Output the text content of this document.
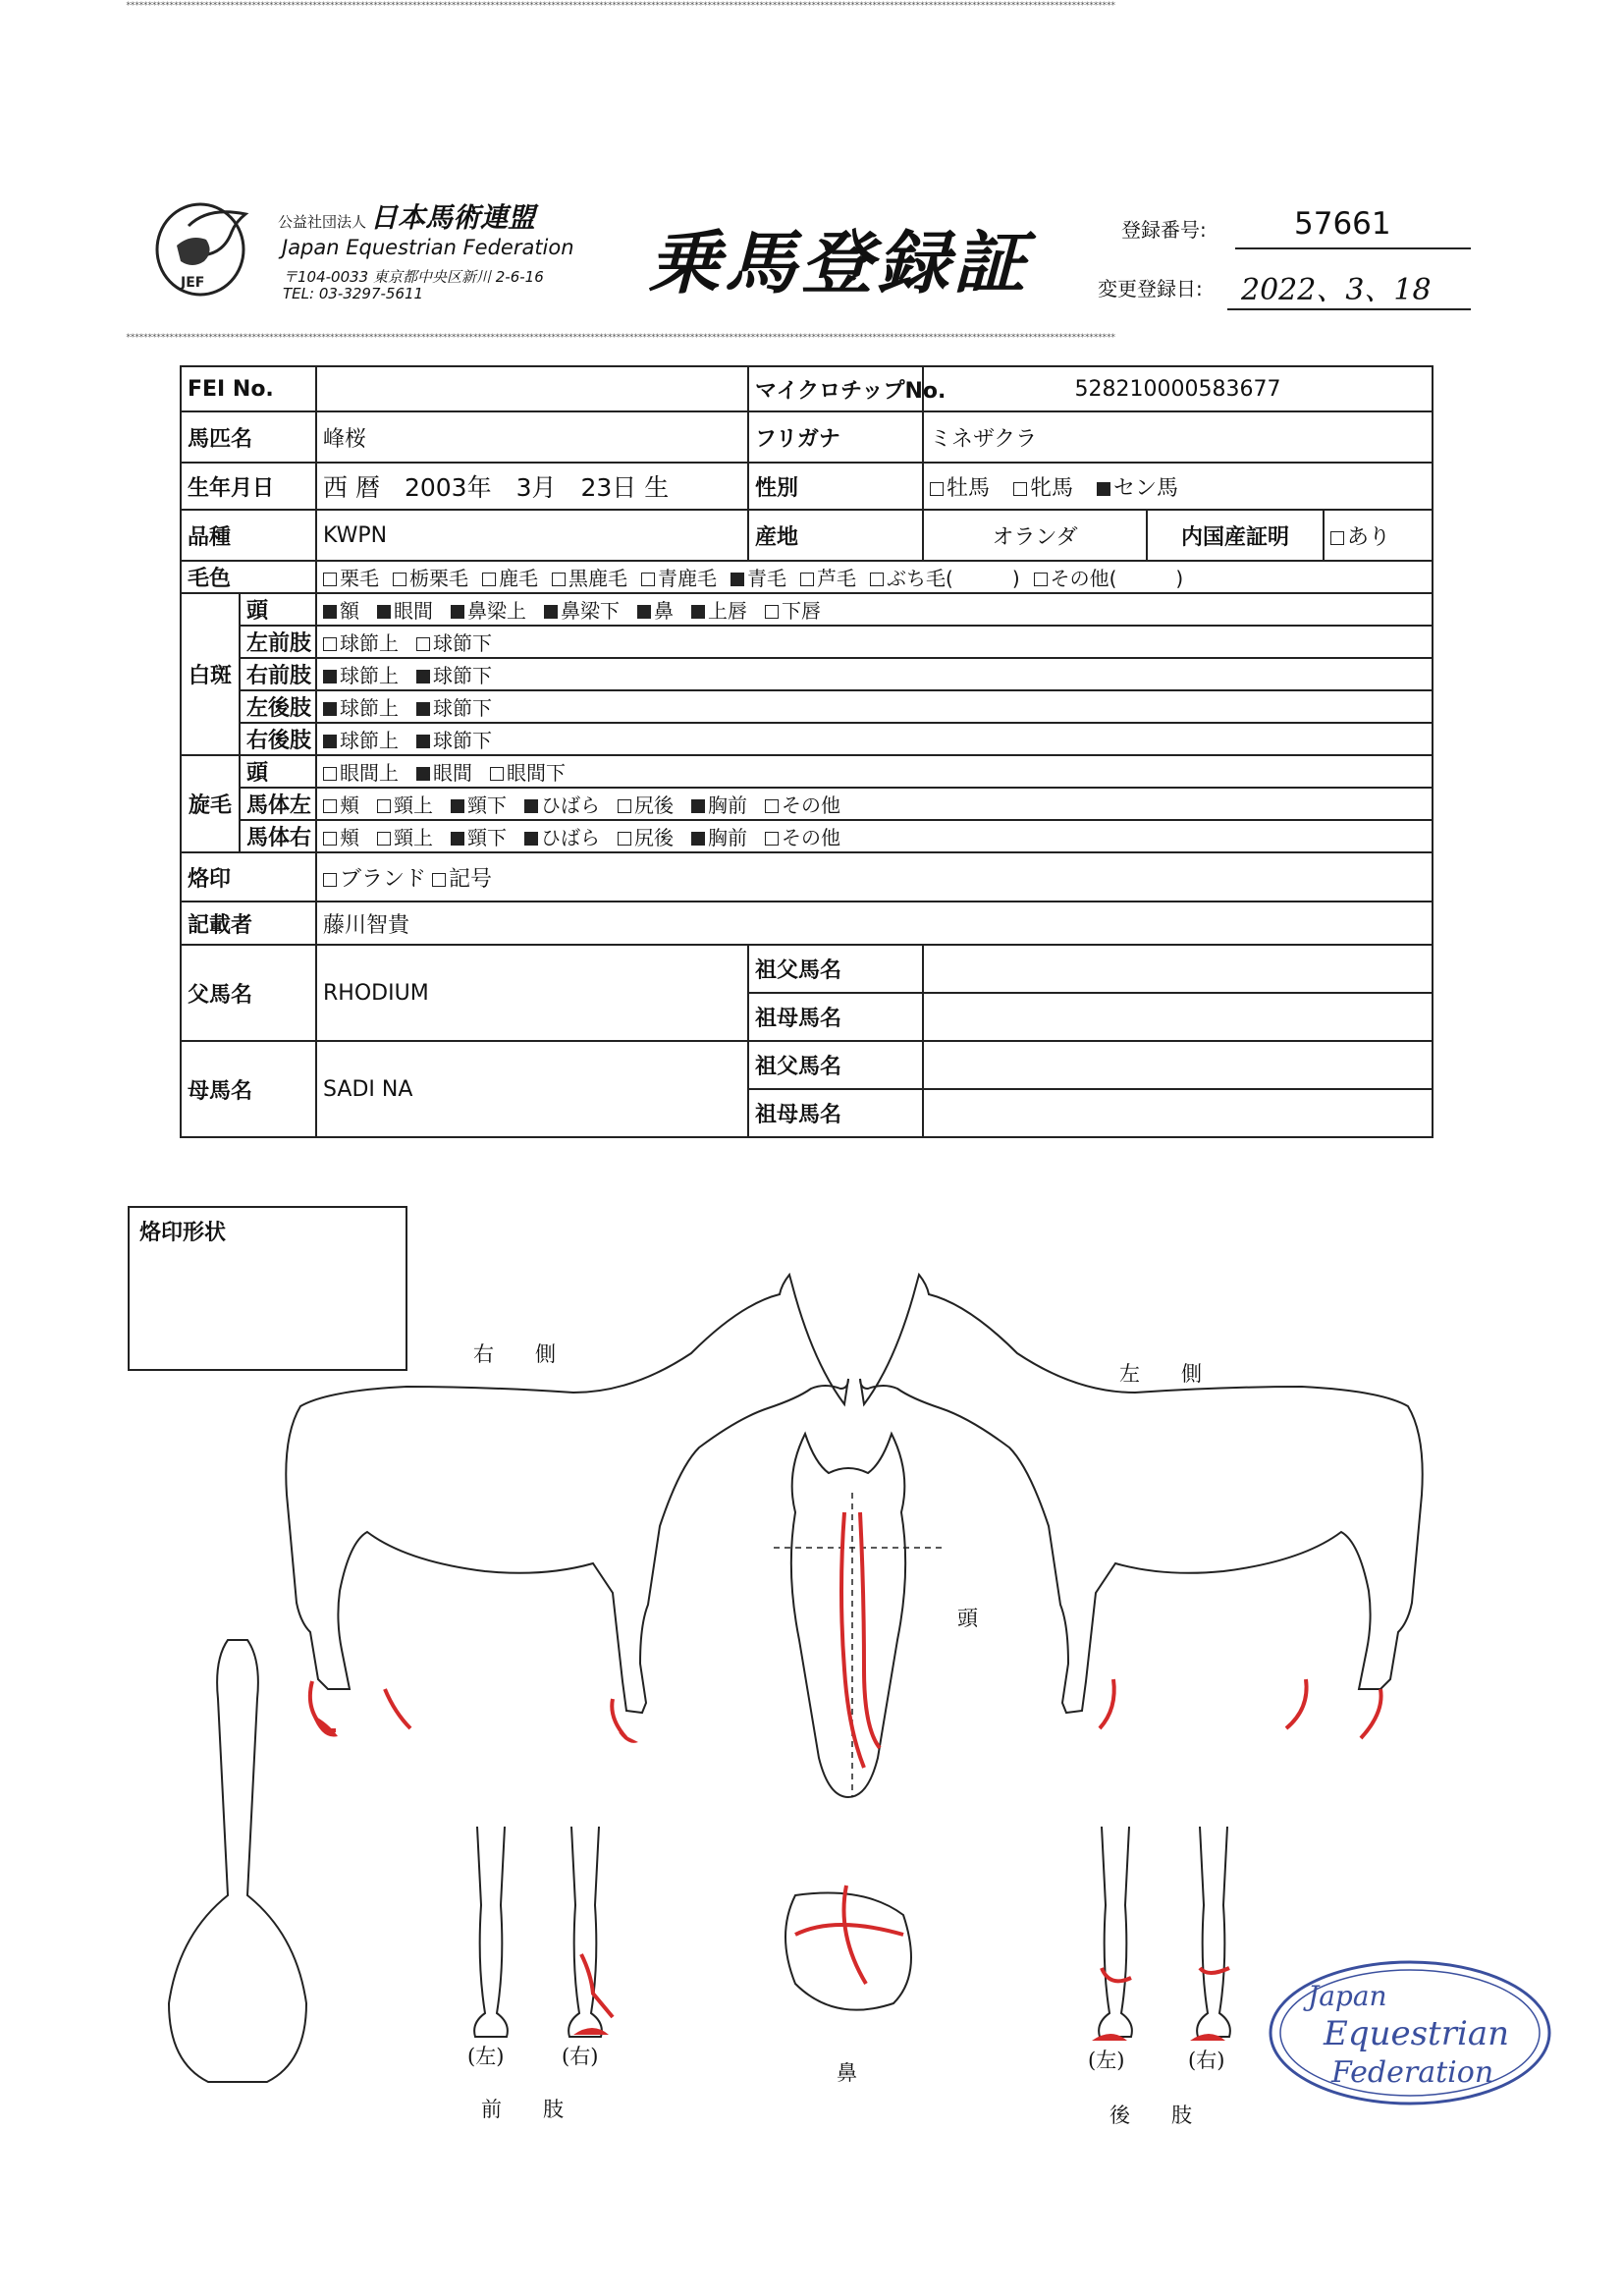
************************************************************************************************************************************************************************************************************************************
************************************************************************************************************************************************************************************************************************************
JEF
公益社団法人 日本馬術連盟
Japan Equestrian Federation
〒104-0033 東京都中央区新川 2-6-16
TEL: 03-3297-5611	乗馬登録証	登録番号:	57661
変更登録日: 2022、3、18
FEI No.			マイクロチップNo.	528210000583677		
馬匹名		峰桜	フリガナ	ミネザクラ		
生年月日		西 暦　2003年　3月　23日 生	性別	牡馬 牝馬 セン馬		
品種		KWPN	産地	オランダ	内国産証明	あり
毛色		栗毛 栃栗毛 鹿毛 黒鹿毛 青鹿毛 青毛 芦毛 ぶち毛(　　　) その他(　　　)				
白斑	頭	額 眼間 鼻梁上 鼻梁下 鼻 上唇 下唇				
	左前肢	球節上 球節下				
	右前肢	球節上 球節下				
	左後肢	球節上 球節下				
	右後肢	球節上 球節下				
旋毛	頭	眼間上 眼間 眼間下				
	馬体左	頬 頸上 頸下 ひばら 尻後 胸前 その他				
	馬体右	頬 頸上 頸下 ひばら 尻後 胸前 その他				
烙印		ブランド 記号				
記載者		藤川智貴				
父馬名		RHODIUM	祖父馬名			
			祖母馬名			
母馬名		SADI NA	祖父馬名			
			祖母馬名			
烙印形状
右　　側
左　　側
頭
鼻
(左)	(右)
前　　肢
(左)	(右)
後　　肢
Japan
Equestrian
Federation
